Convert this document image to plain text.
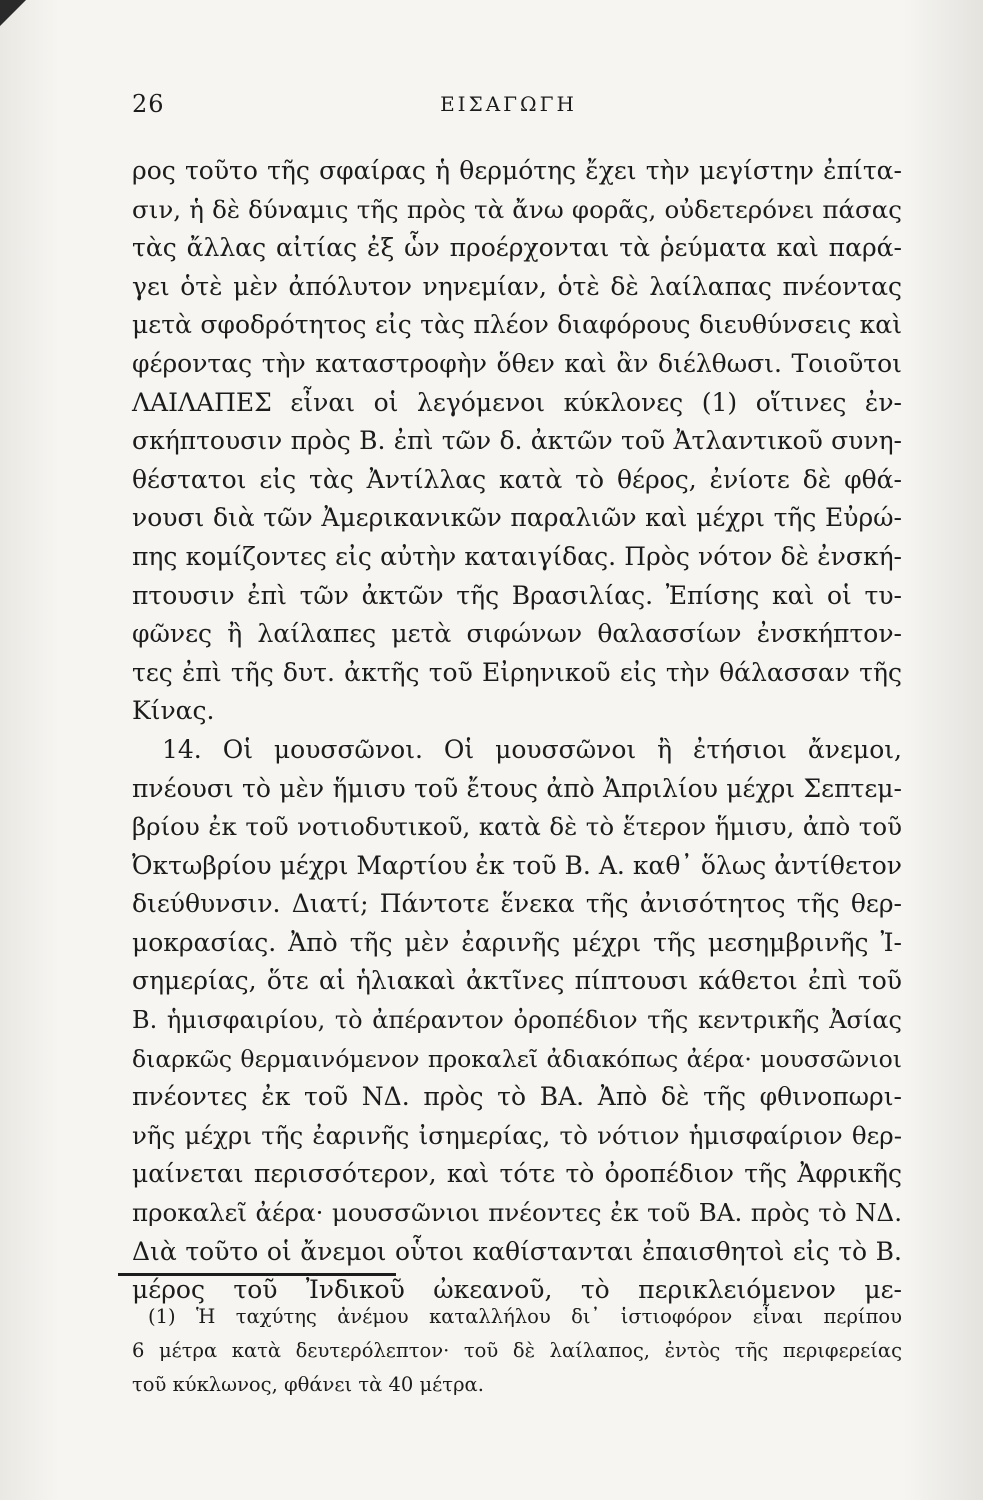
26	ΕΙΣΑΓΩΓΗ
ρος τοῦτο τῆς σφαίρας ἡ θερμότης ἔχει τὴν μεγίστην ἐπίτα-
σιν, ἡ δὲ δύναμις τῆς πρὸς τὰ ἄνω φορᾶς, οὐδετερόνει πάσας
τὰς ἄλλας αἰτίας ἐξ ὧν προέρχονται τὰ ῥεύματα καὶ παρά-
γει ὁτὲ μὲν ἀπόλυτον νηνεμίαν, ὁτὲ δὲ λαίλαπας πνέοντας
μετὰ σφοδρότητος εἰς τὰς πλέον διαφόρους διευθύνσεις καὶ
φέροντας τὴν καταστροφὴν ὅθεν καὶ ἂν διέλθωσι. Τοιοῦτοι
ΛΑΙΛΑΠΕΣ εἶναι οἱ λεγόμενοι κύκλονες (1) οἵτινες ἐν-
σκήπτουσιν πρὸς Β. ἐπὶ τῶν δ. ἀκτῶν τοῦ Ἀτλαντικοῦ συνη-
θέστατοι εἰς τὰς Ἀντίλλας κατὰ τὸ θέρος, ἐνίοτε δὲ φθά-
νουσι διὰ τῶν Ἀμερικανικῶν παραλιῶν καὶ μέχρι τῆς Εὐρώ-
πης κομίζοντες εἰς αὐτὴν καταιγίδας. Πρὸς νότον δὲ ἐνσκή-
πτουσιν ἐπὶ τῶν ἀκτῶν τῆς Βρασιλίας. Ἐπίσης καὶ οἱ τυ-
φῶνες ἢ λαίλαπες μετὰ σιφώνων θαλασσίων ἐνσκήπτον-
τες ἐπὶ τῆς δυτ. ἀκτῆς τοῦ Εἰρηνικοῦ εἰς τὴν θάλασσαν τῆς
Κίνας.
14. Οἱ μουσσῶνοι. Οἱ μουσσῶνοι ἢ ἐτήσιοι ἄνεμοι,
πνέουσι τὸ μὲν ἥμισυ τοῦ ἔτους ἀπὸ Ἀπριλίου μέχρι Σεπτεμ-
βρίου ἐκ τοῦ νοτιοδυτικοῦ, κατὰ δὲ τὸ ἕτερον ἥμισυ, ἀπὸ τοῦ
Ὀκτωβρίου μέχρι Μαρτίου ἐκ τοῦ Β. Α. καθ᾽ ὅλως ἀντίθετον
διεύθυνσιν. Διατί; Πάντοτε ἕνεκα τῆς ἀνισότητος τῆς θερ-
μοκρασίας. Ἀπὸ τῆς μὲν ἐαρινῆς μέχρι τῆς μεσημβρινῆς Ἰ-
σημερίας, ὅτε αἱ ἡλιακαὶ ἀκτῖνες πίπτουσι κάθετοι ἐπὶ τοῦ
Β. ἡμισφαιρίου, τὸ ἀπέραντον ὀροπέδιον τῆς κεντρικῆς Ἀσίας
διαρκῶς θερμαινόμενον προκαλεῖ ἀδιακόπως ἀέρα· μουσσῶνιοι
πνέοντες ἐκ τοῦ ΝΔ. πρὸς τὸ ΒΑ. Ἀπὸ δὲ τῆς φθινοπωρι-
νῆς μέχρι τῆς ἐαρινῆς ἰσημερίας, τὸ νότιον ἡμισφαίριον θερ-
μαίνεται περισσότερον, καὶ τότε τὸ ὀροπέδιον τῆς Ἀφρικῆς
προκαλεῖ ἀέρα· μουσσῶνιοι πνέοντες ἐκ τοῦ ΒΑ. πρὸς τὸ ΝΔ.
Διὰ τοῦτο οἱ ἄνεμοι οὗτοι καθίστανται ἐπαισθητοὶ εἰς τὸ Β.
μέρος τοῦ Ἰνδικοῦ ὠκεανοῦ, τὸ περικλειόμενον με-
(1) Ἡ ταχύτης ἀνέμου καταλλήλου δι᾽ ἱστιοφόρον εἶναι περίπου
6 μέτρα κατὰ δευτερόλεπτον· τοῦ δὲ λαίλαπος, ἐντὸς τῆς περιφερείας
τοῦ κύκλωνος, φθάνει τὰ 40 μέτρα.
